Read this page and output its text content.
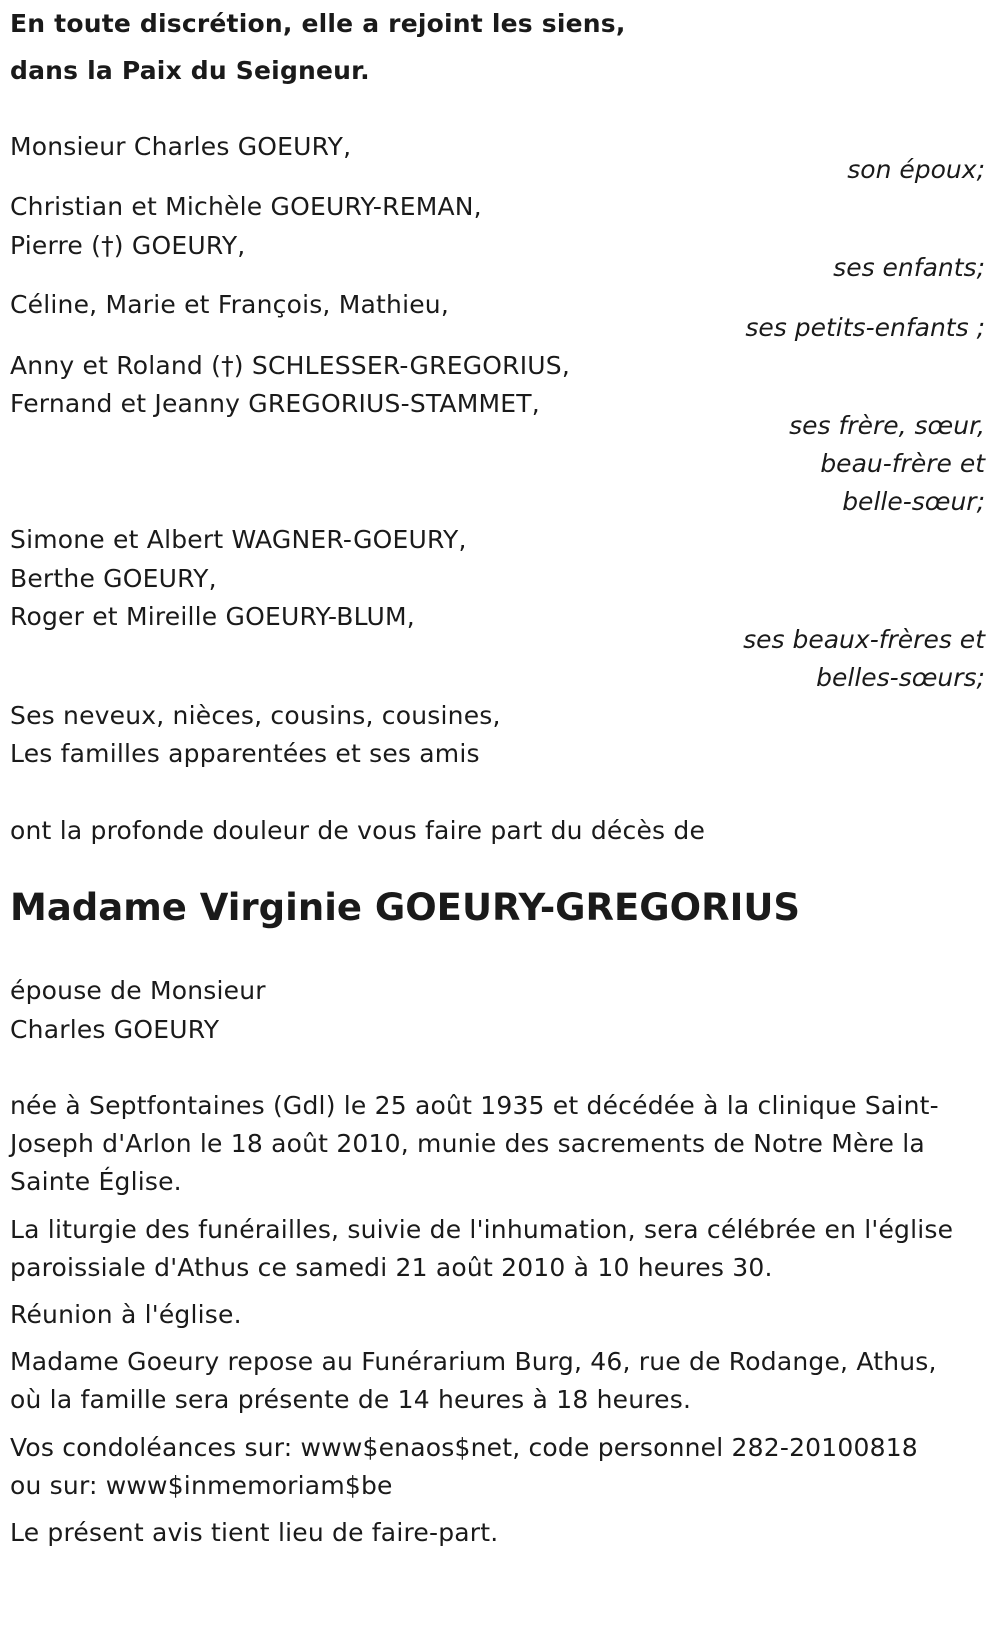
En toute discrétion, elle a rejoint les siens,
dans la Paix du Seigneur.
Monsieur Charles GOEURY,
son époux;
Christian et Michèle GOEURY-REMAN,
Pierre (†) GOEURY,
ses enfants;
Céline, Marie et François, Mathieu,
ses petits-enfants ;
Anny et Roland (†) SCHLESSER-GREGORIUS,
Fernand et Jeanny GREGORIUS-STAMMET,
ses frère, sœur,
beau-frère et
belle-sœur;
Simone et Albert WAGNER-GOEURY,
Berthe GOEURY,
Roger et Mireille GOEURY-BLUM,
ses beaux-frères et
belles-sœurs;
Ses neveux, nièces, cousins, cousines,
Les familles apparentées et ses amis
ont la profonde douleur de vous faire part du décès de
Madame Virginie GOEURY-GREGORIUS
épouse de Monsieur
Charles GOEURY
née à Septfontaines (Gdl) le 25 août 1935 et décédée à la clinique Saint-
Joseph d'Arlon le 18 août 2010, munie des sacrements de Notre Mère la
Sainte Église.
La liturgie des funérailles, suivie de l'inhumation, sera célébrée en l'église
paroissiale d'Athus ce samedi 21 août 2010 à 10 heures 30.
Réunion à l'église.
Madame Goeury repose au Funérarium Burg, 46, rue de Rodange, Athus,
où la famille sera présente de 14 heures à 18 heures.
Vos condoléances sur: www$enaos$net, code personnel 282-20100818
ou sur: www$inmemoriam$be
Le présent avis tient lieu de faire-part.
